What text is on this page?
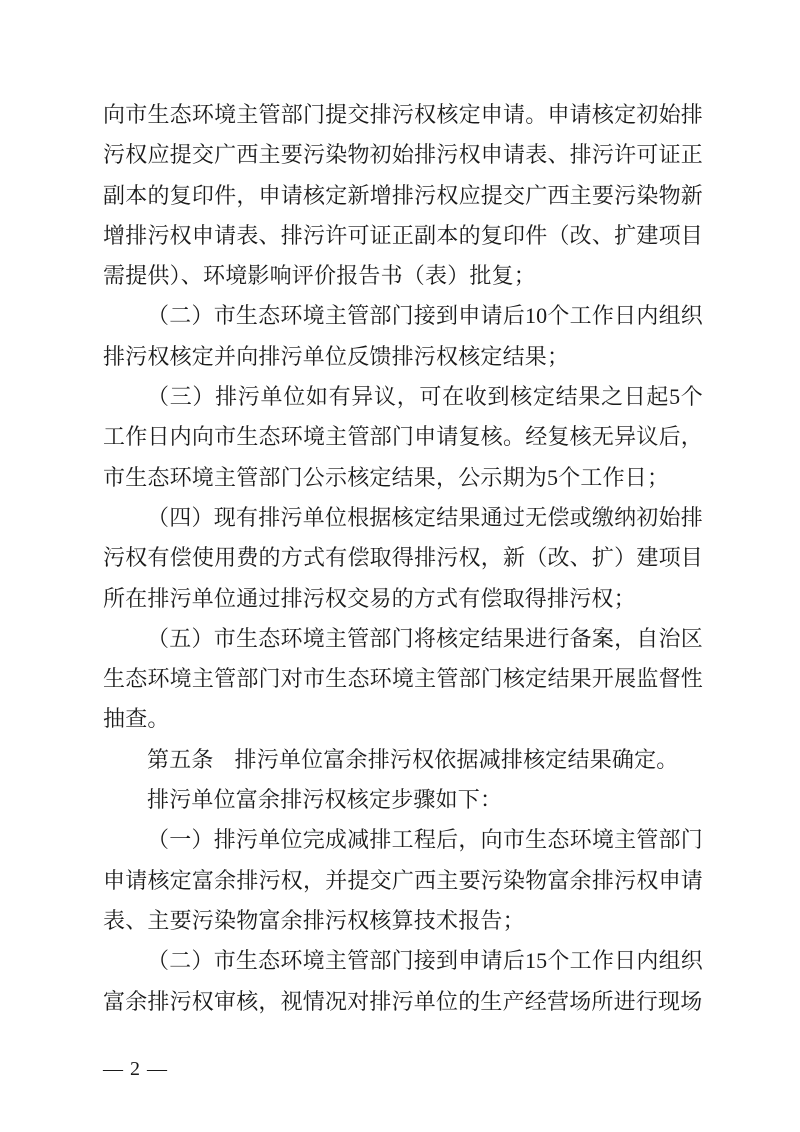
向市生态环境主管部门提交排污权核定申请。申请核定初始排污权应提交广西主要污染物初始排污权申请表、排污许可证正副本的复印件，申请核定新增排污权应提交广西主要污染物新增排污权申请表、排污许可证正副本的复印件（改、扩建项目需提供）、环境影响评价报告书（表）批复；

（二）市生态环境主管部门接到申请后10个工作日内组织排污权核定并向排污单位反馈排污权核定结果；

（三）排污单位如有异议，可在收到核定结果之日起5个工作日内向市生态环境主管部门申请复核。经复核无异议后，市生态环境主管部门公示核定结果，公示期为5个工作日；

（四）现有排污单位根据核定结果通过无偿或缴纳初始排污权有偿使用费的方式有偿取得排污权，新（改、扩）建项目所在排污单位通过排污权交易的方式有偿取得排污权；

（五）市生态环境主管部门将核定结果进行备案，自治区生态环境主管部门对市生态环境主管部门核定结果开展监督性抽查。

第五条 排污单位富余排污权依据减排核定结果确定。

排污单位富余排污权核定步骤如下：

（一）排污单位完成减排工程后，向市生态环境主管部门申请核定富余排污权，并提交广西主要污染物富余排污权申请表、主要污染物富余排污权核算技术报告；

（二）市生态环境主管部门接到申请后15个工作日内组织富余排污权审核，视情况对排污单位的生产经营场所进行现场

— 2 —
